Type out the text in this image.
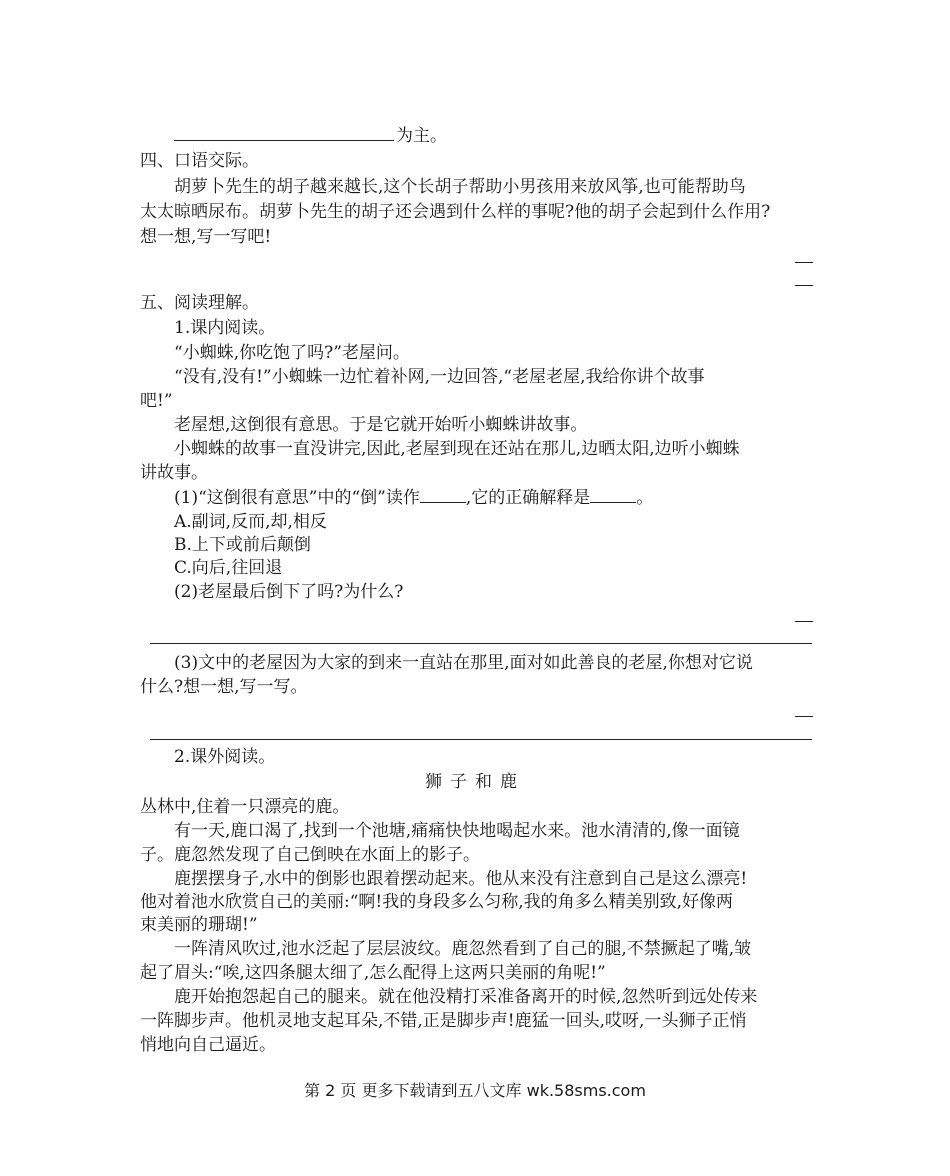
为主。
四、口语交际。
胡萝卜先生的胡子越来越长,这个长胡子帮助小男孩用来放风筝,也可能帮助鸟
太太晾晒尿布。胡萝卜先生的胡子还会遇到什么样的事呢?他的胡子会起到什么作用?
想一想,写一写吧!
五、阅读理解。
1.课内阅读。
“小蜘蛛,你吃饱了吗?”老屋问。
“没有,没有!”小蜘蛛一边忙着补网,一边回答,“老屋老屋,我给你讲个故事
吧!”
老屋想,这倒很有意思。于是它就开始听小蜘蛛讲故事。
小蜘蛛的故事一直没讲完,因此,老屋到现在还站在那儿,边晒太阳,边听小蜘蛛
讲故事。
(1)“这倒很有意思”中的“倒”读作	,它的正确解释是	。
A.副词,反而,却,相反
B.上下或前后颠倒
C.向后,往回退
(2)老屋最后倒下了吗?为什么?
(3)文中的老屋因为大家的到来一直站在那里,面对如此善良的老屋,你想对它说
什么?想一想,写一写。
2.课外阅读。
狮子和鹿
丛林中,住着一只漂亮的鹿。
有一天,鹿口渴了,找到一个池塘,痛痛快快地喝起水来。池水清清的,像一面镜
子。鹿忽然发现了自己倒映在水面上的影子。
鹿摆摆身子,水中的倒影也跟着摆动起来。他从来没有注意到自己是这么漂亮!
他对着池水欣赏自己的美丽:“啊!我的身段多么匀称,我的角多么精美别致,好像两
束美丽的珊瑚!”
一阵清风吹过,池水泛起了层层波纹。鹿忽然看到了自己的腿,不禁撅起了嘴,皱
起了眉头:“唉,这四条腿太细了,怎么配得上这两只美丽的角呢!”
鹿开始抱怨起自己的腿来。就在他没精打采准备离开的时候,忽然听到远处传来
一阵脚步声。他机灵地支起耳朵,不错,正是脚步声!鹿猛一回头,哎呀,一头狮子正悄
悄地向自己逼近。
第 2 页 更多下载请到五八文库 wk.58sms.com
